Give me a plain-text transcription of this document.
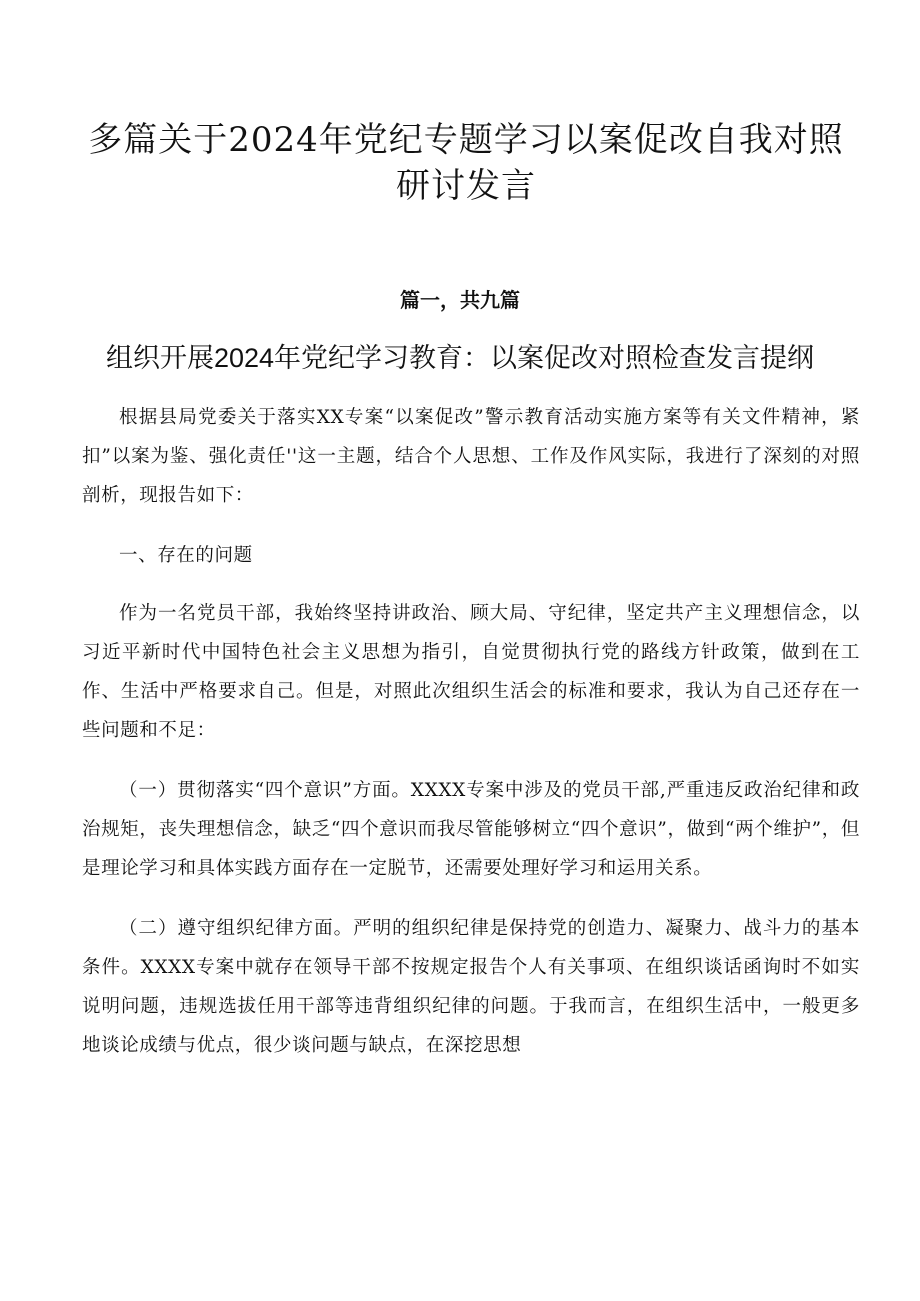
多篇关于2024年党纪专题学习以案促改自我对照研讨发言
篇一，共九篇
组织开展2024年党纪学习教育：以案促改对照检查发言提纲

根据县局党委关于落实XX专案“以案促改”警示教育活动实施方案等有关文件精神，紧扣”以案为鉴、强化责任''这一主题，结合个人思想、工作及作风实际，我进行了深刻的对照剖析，现报告如下：

一、存在的问题

作为一名党员干部，我始终坚持讲政治、顾大局、守纪律，坚定共产主义理想信念，以习近平新时代中国特色社会主义思想为指引，自觉贯彻执行党的路线方针政策，做到在工作、生活中严格要求自己。但是，对照此次组织生活会的标准和要求，我认为自己还存在一些问题和不足：

（一）贯彻落实“四个意识”方面。XXXX专案中涉及的党员干部,严重违反政治纪律和政治规矩，丧失理想信念，缺乏“四个意识而我尽管能够树立“四个意识”，做到“两个维护”，但是理论学习和具体实践方面存在一定脱节，还需要处理好学习和运用关系。

（二）遵守组织纪律方面。严明的组织纪律是保持党的创造力、凝聚力、战斗力的基本条件。XXXX专案中就存在领导干部不按规定报告个人有关事项、在组织谈话函询时不如实说明问题，违规选拔任用干部等违背组织纪律的问题。于我而言，在组织生活中，一般更多地谈论成绩与优点，很少谈问题与缺点，在深挖思想
